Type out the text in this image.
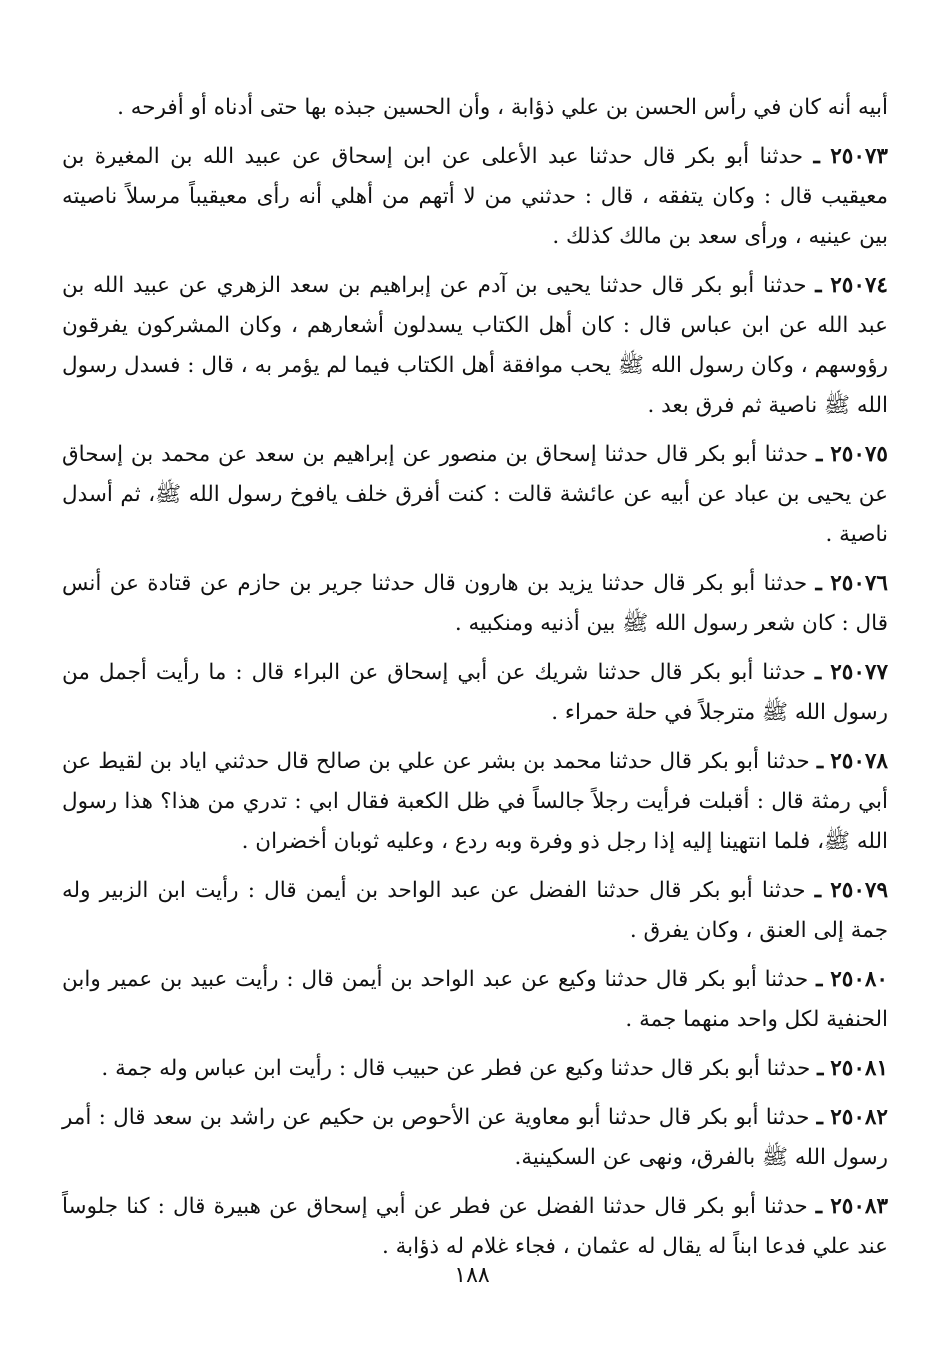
أبيه أنه كان في رأس الحسن بن علي ذؤابة ، وأن الحسين جبذه بها حتى أدناه أو أفرحه .

٢٥٠٧٣ ـ حدثنا أبو بكر قال حدثنا عبد الأعلى عن ابن إسحاق عن عبيد الله بن المغيرة بن معيقيب قال : وكان يتفقه ، قال : حدثني من لا أتهم من أهلي أنه رأى معيقيباً مرسلاً ناصيته بين عينيه ، ورأى سعد بن مالك كذلك .

٢٥٠٧٤ ـ حدثنا أبو بكر قال حدثنا يحيى بن آدم عن إبراهيم بن سعد الزهري عن عبيد الله بن عبد الله عن ابن عباس قال : كان أهل الكتاب يسدلون أشعارهم ، وكان المشركون يفرقون رؤوسهم ، وكان رسول الله ﷺ يحب موافقة أهل الكتاب فيما لم يؤمر به ، قال : فسدل رسول الله ﷺ ناصية ثم فرق بعد .

٢٥٠٧٥ ـ حدثنا أبو بكر قال حدثنا إسحاق بن منصور عن إبراهيم بن سعد عن محمد بن إسحاق عن يحيى بن عباد عن أبيه عن عائشة قالت : كنت أفرق خلف يافوخ رسول الله ﷺ، ثم أسدل ناصية .

٢٥٠٧٦ ـ حدثنا أبو بكر قال حدثنا يزيد بن هارون قال حدثنا جرير بن حازم عن قتادة عن أنس قال : كان شعر رسول الله ﷺ بين أذنيه ومنكبيه .

٢٥٠٧٧ ـ حدثنا أبو بكر قال حدثنا شريك عن أبي إسحاق عن البراء قال : ما رأيت أجمل من رسول الله ﷺ مترجلاً في حلة حمراء .

٢٥٠٧٨ ـ حدثنا أبو بكر قال حدثنا محمد بن بشر عن علي بن صالح قال حدثني اياد بن لقيط عن أبي رمثة قال : أقبلت فرأيت رجلاً جالساً في ظل الكعبة فقال ابي : تدري من هذا؟ هذا رسول الله ﷺ، فلما انتهينا إليه إذا رجل ذو وفرة وبه ردع ، وعليه ثوبان أخضران .

٢٥٠٧٩ ـ حدثنا أبو بكر قال حدثنا الفضل عن عبد الواحد بن أيمن قال : رأيت ابن الزبير وله جمة إلى العنق ، وكان يفرق .

٢٥٠٨٠ ـ حدثنا أبو بكر قال حدثنا وكيع عن عبد الواحد بن أيمن قال : رأيت عبيد بن عمير وابن الحنفية لكل واحد منهما جمة .

٢٥٠٨١ ـ حدثنا أبو بكر قال حدثنا وكيع عن فطر عن حبيب قال : رأيت ابن عباس وله جمة .

٢٥٠٨٢ ـ حدثنا أبو بكر قال حدثنا أبو معاوية عن الأحوص بن حكيم عن راشد بن سعد قال : أمر رسول الله ﷺ بالفرق، ونهى عن السكينية.

٢٥٠٨٣ ـ حدثنا أبو بكر قال حدثنا الفضل عن فطر عن أبي إسحاق عن هبيرة قال : كنا جلوساً عند علي فدعا ابناً له يقال له عثمان ، فجاء غلام له ذؤابة .

١٨٨
